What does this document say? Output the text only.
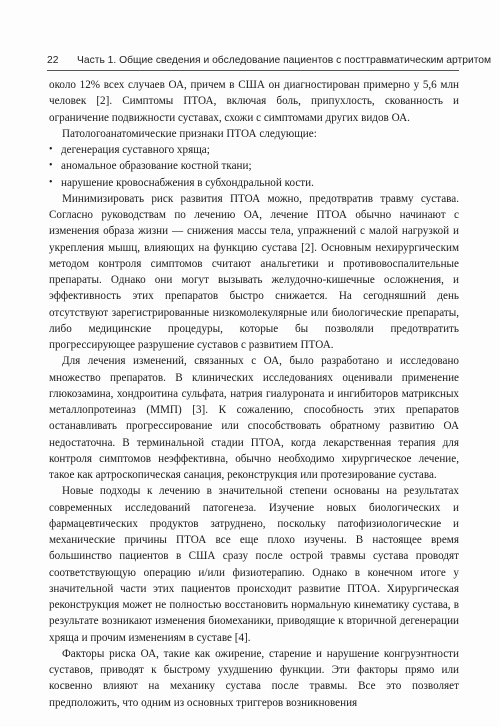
22 Часть 1. Общие сведения и обследование пациентов с посттравматическим артритом

около 12% всех случаев ОА, причем в США он диагностирован примерно у 5,6 млн человек [2]. Симптомы ПТОА, включая боль, припухлость, скованность и ограничение подвижности суставах, схожи с симптомами других видов ОА.

Патологоанатомические признаки ПТОА следующие:

• дегенерация суставного хряща;
• аномальное образование костной ткани;
• нарушение кровоснабжения в субхондральной кости.

Минимизировать риск развития ПТОА можно, предотвратив травму сустава. Согласно руководствам по лечению ОА, лечение ПТОА обычно начинают с изменения образа жизни — снижения массы тела, упражнений с малой нагрузкой и укрепления мышц, влияющих на функцию сустава [2]. Основным нехирургическим методом контроля симптомов считают анальгетики и противовоспалительные препараты. Однако они могут вызывать желудочно-кишечные осложнения, и эффективность этих препаратов быстро снижается. На сегодняшний день отсутствуют зарегистрированные низкомолекулярные или биологические препараты, либо медицинские процедуры, которые бы позволяли предотвратить прогрессирующее разрушение суставов с развитием ПТОА.

Для лечения изменений, связанных с ОА, было разработано и исследовано множество препаратов. В клинических исследованиях оценивали применение глюкозамина, хондроитина сульфата, натрия гиалуроната и ингибиторов матриксных металлопротеиназ (ММП) [3]. К сожалению, способность этих препаратов останавливать прогрессирование или способствовать обратному развитию ОА недостаточна. В терминальной стадии ПТОА, когда лекарственная терапия для контроля симптомов неэффективна, обычно необходимо хирургическое лечение, такое как артроскопическая санация, реконструкция или протезирование сустава.

Новые подходы к лечению в значительной степени основаны на результатах современных исследований патогенеза. Изучение новых биологических и фармацевтических продуктов затруднено, поскольку патофизиологические и механические причины ПТОА все еще плохо изучены. В настоящее время большинство пациентов в США сразу после острой травмы сустава проводят соответствующую операцию и/или физиотерапию. Однако в конечном итоге у значительной части этих пациентов происходит развитие ПТОА. Хирургическая реконструкция может не полностью восстановить нормальную кинематику сустава, в результате возникают изменения биомеханики, приводящие к вторичной дегенерации хряща и прочим изменениям в суставе [4].

Факторы риска ОА, такие как ожирение, старение и нарушение конгруэнтности суставов, приводят к быстрому ухудшению функции. Эти факторы прямо или косвенно влияют на механику сустава после травмы. Все это позволяет предположить, что одним из основных триггеров возникновения
